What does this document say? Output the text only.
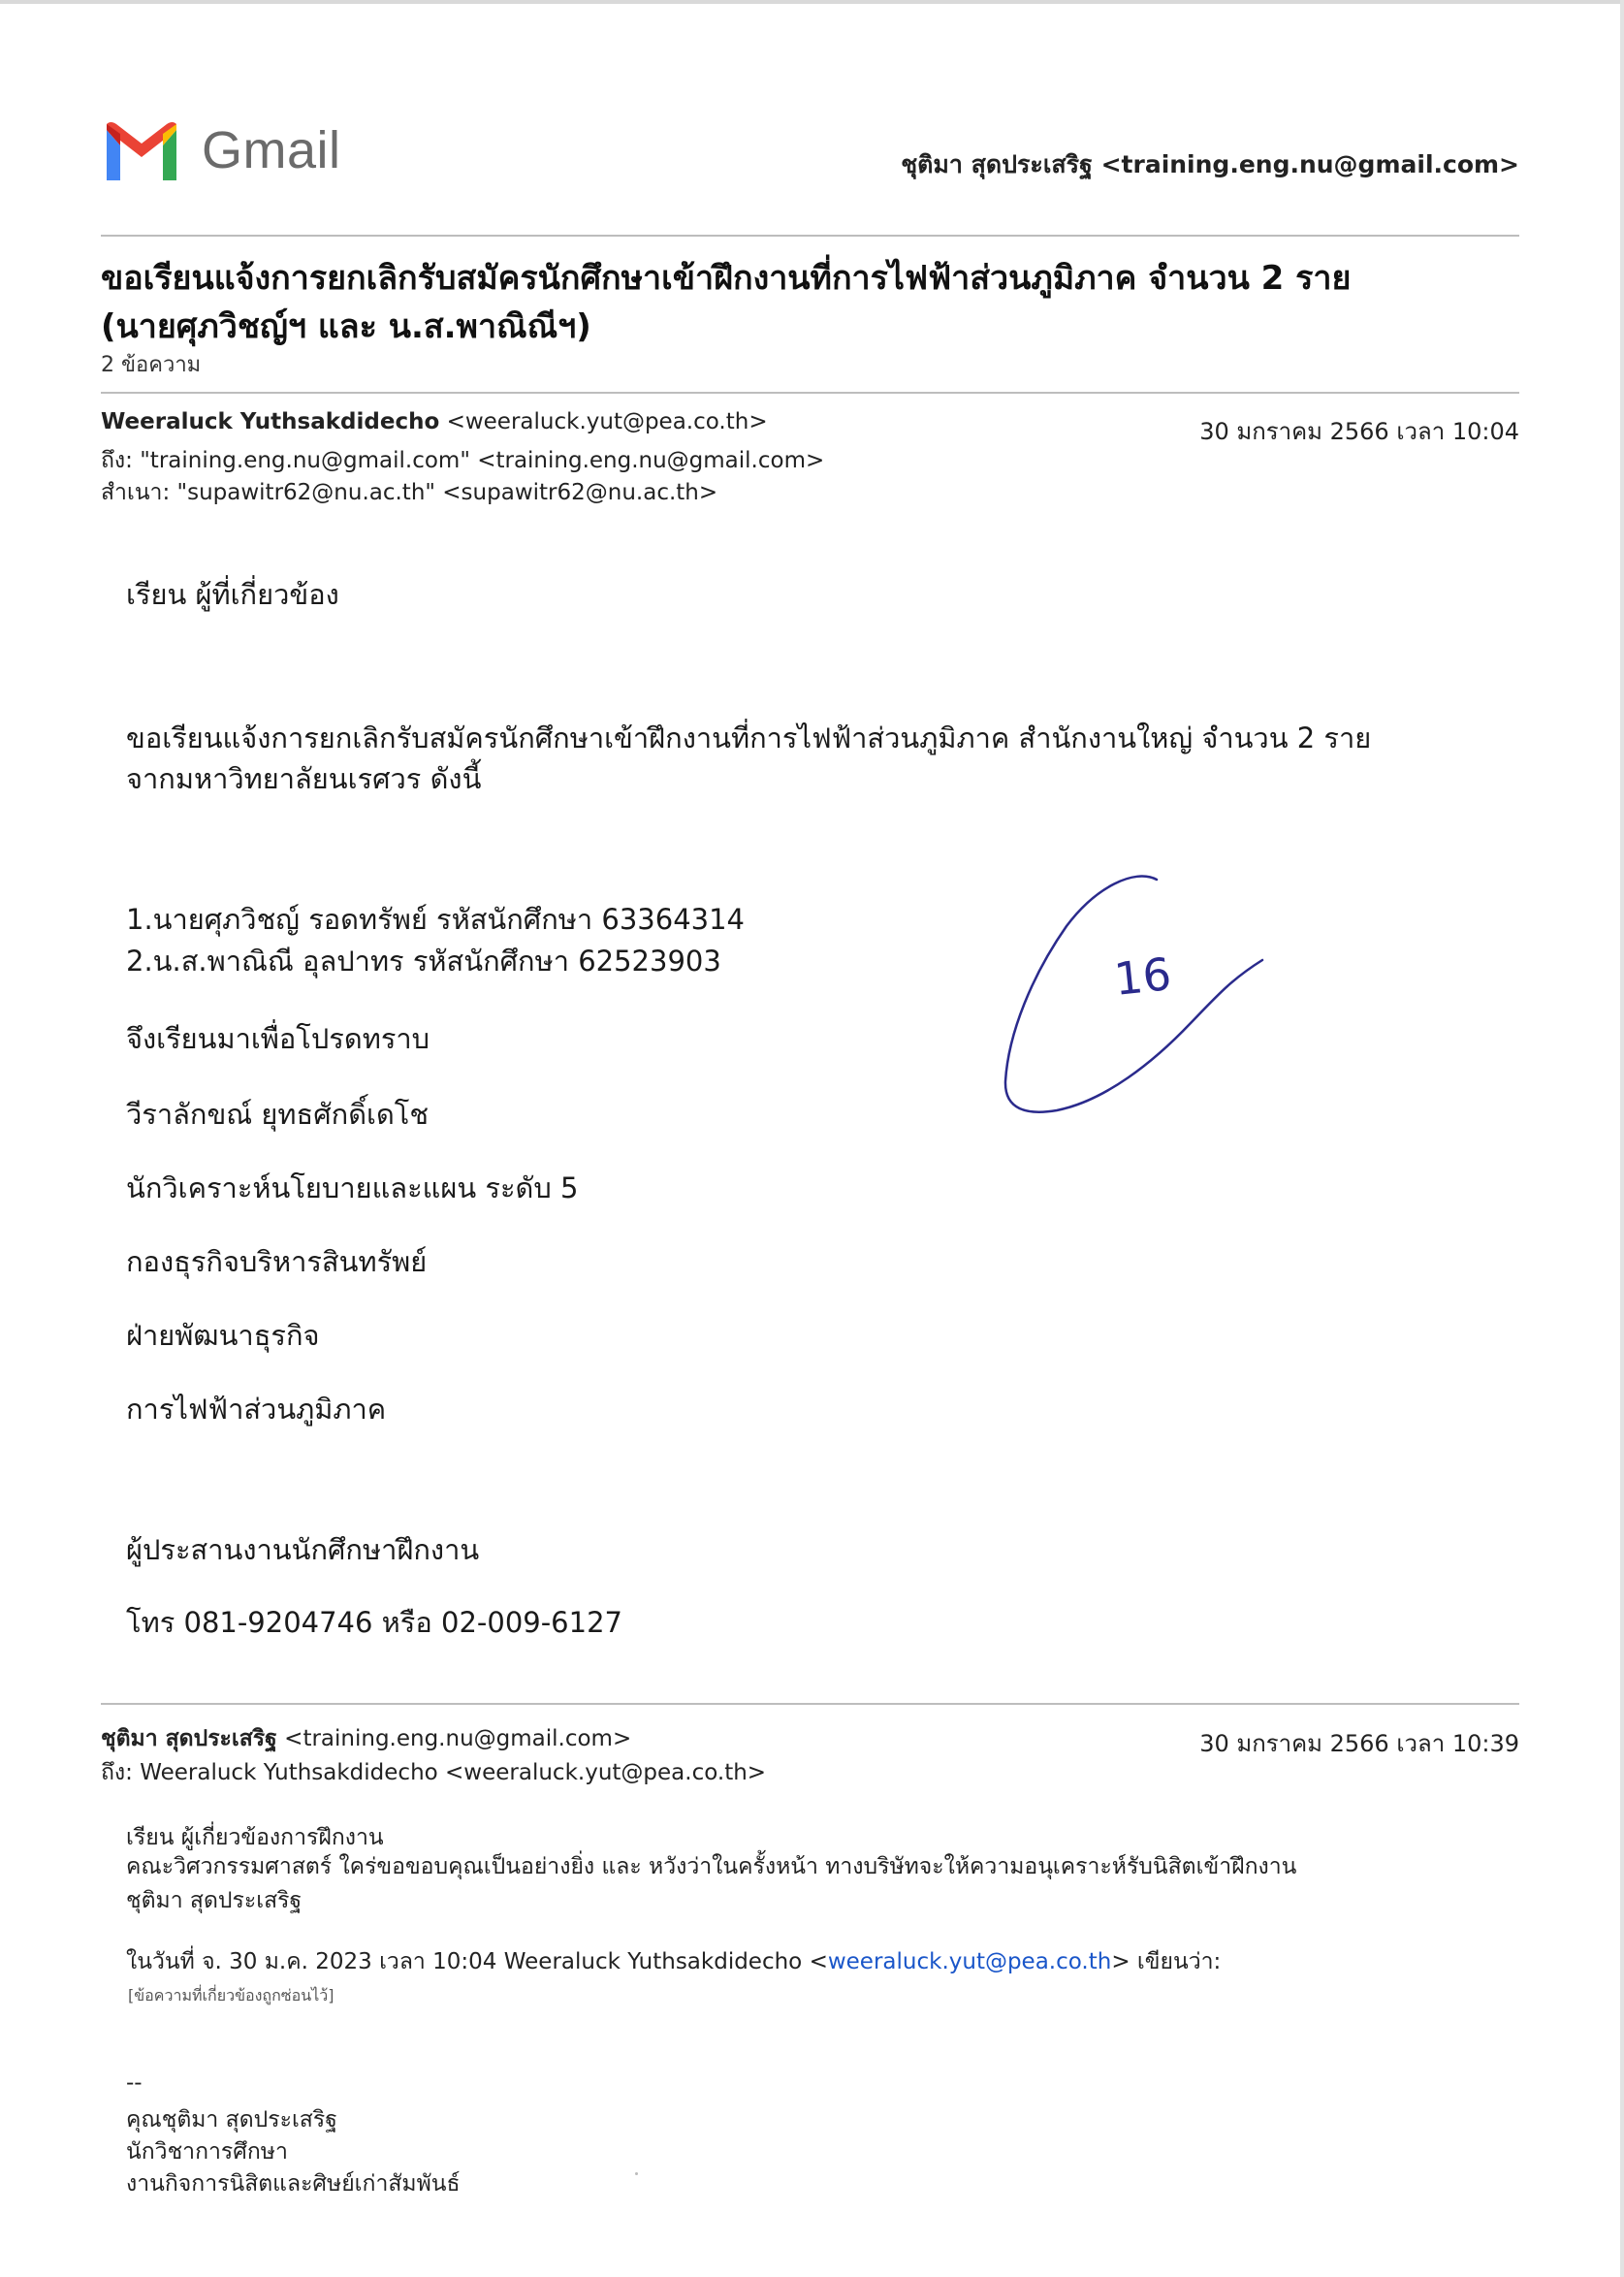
Gmail	ชุติมา สุดประเสริฐ <training.eng.nu@gmail.com>
ขอเรียนแจ้งการยกเลิกรับสมัครนักศึกษาเข้าฝึกงานที่การไฟฟ้าส่วนภูมิภาค จำนวน 2 ราย
(นายศุภวิชญ์ฯ และ น.ส.พาณิณีฯ)
2 ข้อความ
Weeraluck Yuthsakdidecho <weeraluck.yut@pea.co.th>	30 มกราคม 2566 เวลา 10:04
ถึง: "training.eng.nu@gmail.com" <training.eng.nu@gmail.com>
สำเนา: "supawitr62@nu.ac.th" <supawitr62@nu.ac.th>
เรียน ผู้ที่เกี่ยวข้อง
ขอเรียนแจ้งการยกเลิกรับสมัครนักศึกษาเข้าฝึกงานที่การไฟฟ้าส่วนภูมิภาค สำนักงานใหญ่ จำนวน 2 ราย
จากมหาวิทยาลัยนเรศวร ดังนี้
1.นายศุภวิชญ์ รอดทรัพย์ รหัสนักศึกษา 63364314
2.น.ส.พาณิณี อุลปาทร รหัสนักศึกษา 62523903
จึงเรียนมาเพื่อโปรดทราบ
วีราลักขณ์ ยุทธศักดิ์เดโช
นักวิเคราะห์นโยบายและแผน ระดับ 5
กองธุรกิจบริหารสินทรัพย์
ฝ่ายพัฒนาธุรกิจ
การไฟฟ้าส่วนภูมิภาค
ผู้ประสานงานนักศึกษาฝึกงาน
โทร 081-9204746 หรือ 02-009-6127
16
ชุติมา สุดประเสริฐ <training.eng.nu@gmail.com>	30 มกราคม 2566 เวลา 10:39
ถึง: Weeraluck Yuthsakdidecho <weeraluck.yut@pea.co.th>
เรียน ผู้เกี่ยวข้องการฝึกงาน
คณะวิศวกรรมศาสตร์ ใคร่ขอขอบคุณเป็นอย่างยิ่ง และ หวังว่าในครั้งหน้า ทางบริษัทจะให้ความอนุเคราะห์รับนิสิตเข้าฝึกงาน
ชุติมา สุดประเสริฐ
ในวันที่ จ. 30 ม.ค. 2023 เวลา 10:04 Weeraluck Yuthsakdidecho <weeraluck.yut@pea.co.th> เขียนว่า:
[ข้อความที่เกี่ยวข้องถูกซ่อนไว้]
--
คุณชุติมา สุดประเสริฐ
นักวิชาการศึกษา
งานกิจการนิสิตและศิษย์เก่าสัมพันธ์
